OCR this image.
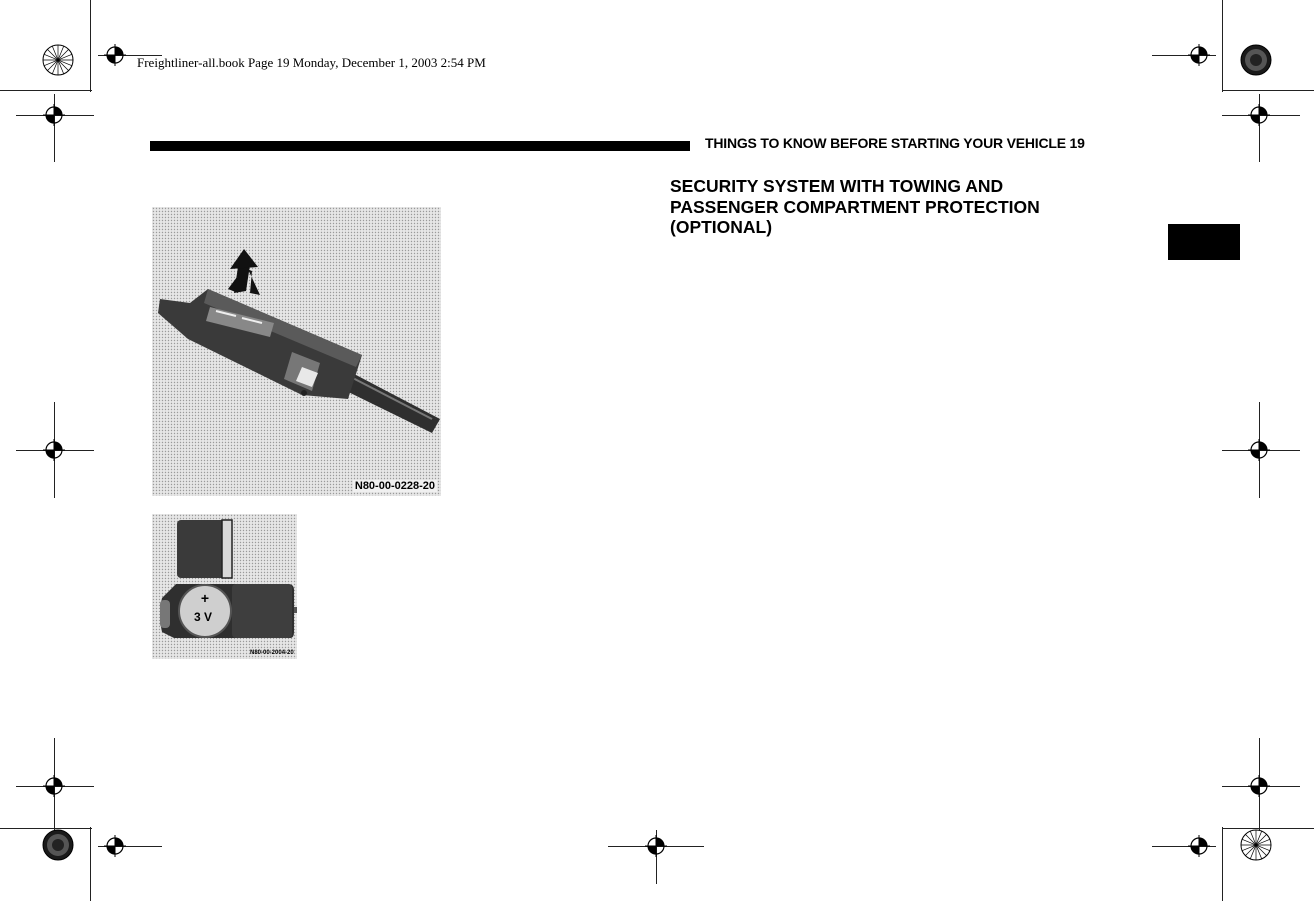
Freightliner-all.book Page 19 Monday, December 1, 2003 2:54 PM
THINGS TO KNOW BEFORE STARTING YOUR VEHICLE 19
SECURITY SYSTEM WITH TOWING AND
PASSENGER COMPARTMENT PROTECTION
(OPTIONAL)
N80-00-0228-20
+
3 V
N80-00-2004-20
